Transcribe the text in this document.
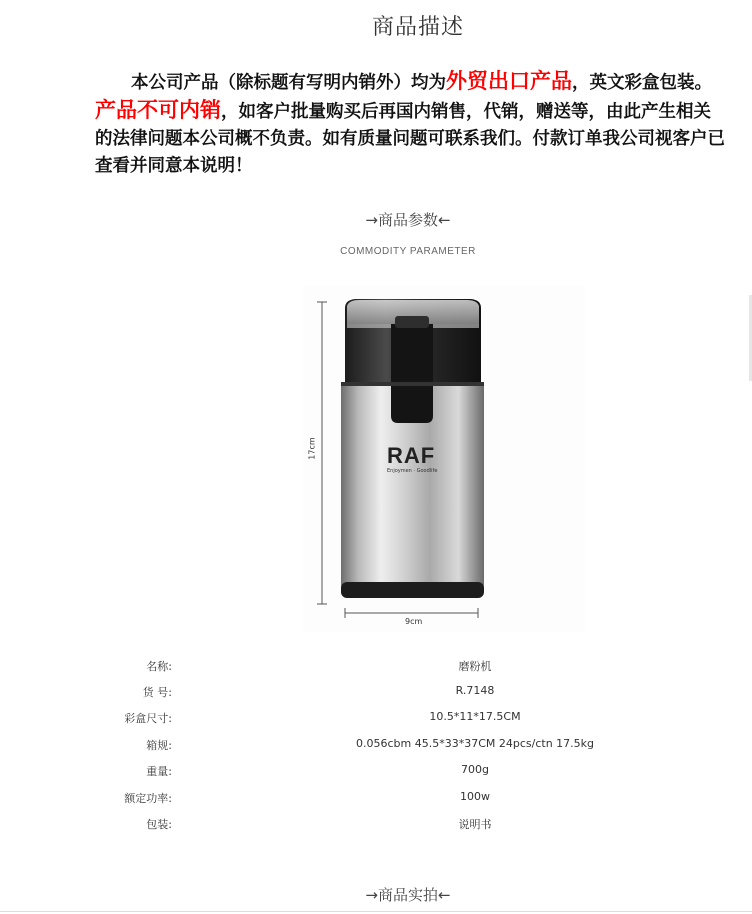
商品描述
本公司产品（除标题有写明内销外）均为外贸出口产品，英文彩盒包装。产品不可内销，如客户批量购买后再国内销售，代销，赠送等，由此产生相关的法律问题本公司概不负责。如有质量问题可联系我们。付款订单我公司视客户已查看并同意本说明！
→商品参数←
COMMODITY PARAMETER
RAF
Enjoymen · Goodlife
17cm
9cm
名称:	磨粉机
货 号:	R.7148
彩盒尺寸:	10.5*11*17.5CM
箱规:	0.056cbm 45.5*33*37CM 24pcs/ctn 17.5kg
重量:	700g
额定功率:	100w
包装:	说明书
→商品实拍←
